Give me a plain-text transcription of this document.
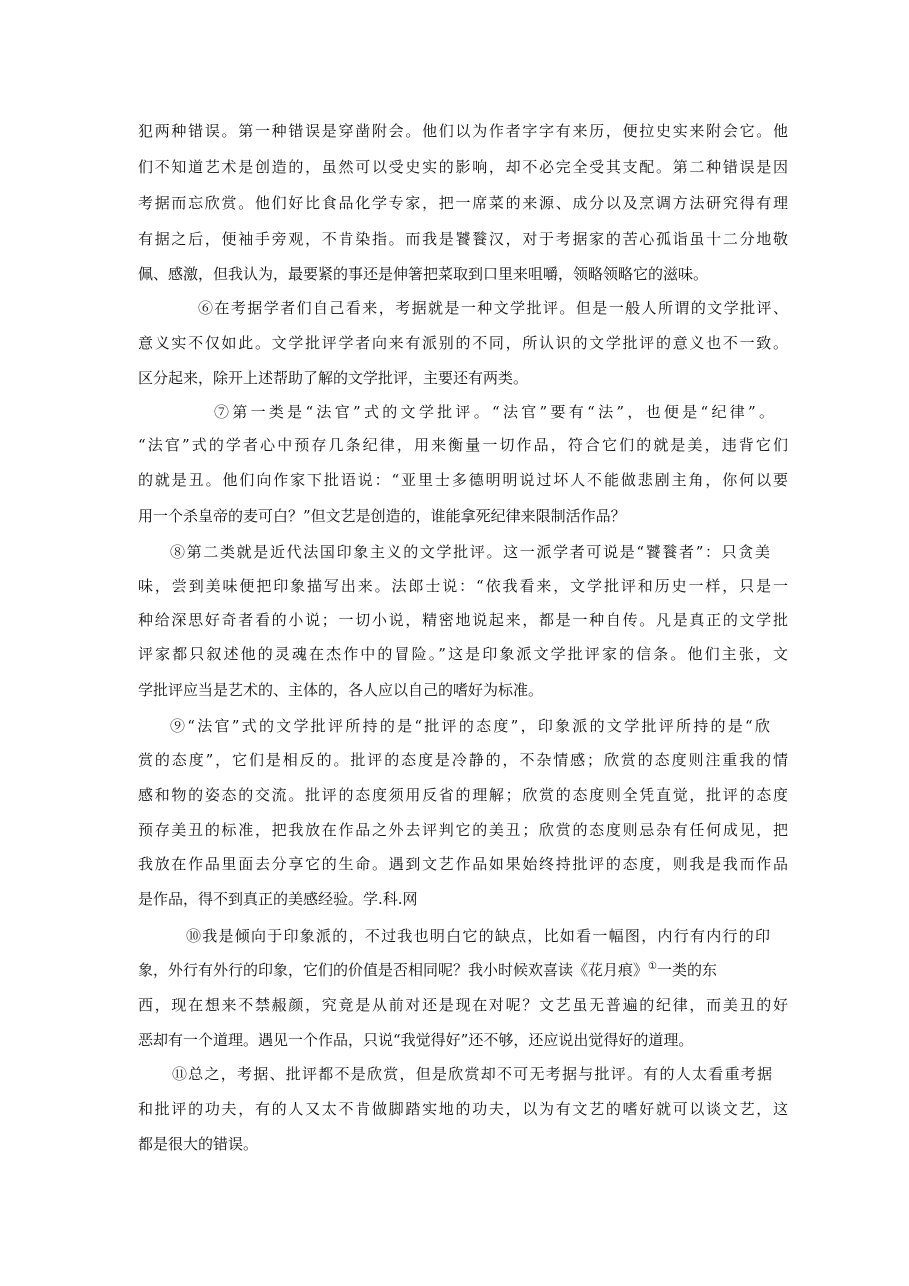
犯两种错误。第一种错误是穿凿附会。他们以为作者字字有来历，便拉史实来附会它。他
们不知道艺术是创造的，虽然可以受史实的影响，却不必完全受其支配。第二种错误是因
考据而忘欣赏。他们好比食品化学专家，把一席菜的来源、成分以及烹调方法研究得有理
有据之后，便袖手旁观，不肯染指。而我是饕餮汉，对于考据家的苦心孤诣虽十二分地敬
佩、感激，但我认为，最要紧的事还是伸箸把菜取到口里来咀嚼，领略领略它的滋味。
⑥在考据学者们自己看来，考据就是一种文学批评。但是一般人所谓的文学批评、
意义实不仅如此。文学批评学者向来有派别的不同，所认识的文学批评的意义也不一致。
区分起来，除开上述帮助了解的文学批评，主要还有两类。
⑦第一类是“法官”式的文学批评。“法官”要有“法”，也便是“纪律”。
“法官”式的学者心中预存几条纪律，用来衡量一切作品，符合它们的就是美，违背它们
的就是丑。他们向作家下批语说：“亚里士多德明明说过坏人不能做悲剧主角，你何以要
用一个杀皇帝的麦可白？”但文艺是创造的，谁能拿死纪律来限制活作品？
⑧第二类就是近代法国印象主义的文学批评。这一派学者可说是“饕餮者”：只贪美
味，尝到美味便把印象描写出来。法郎士说：“依我看来，文学批评和历史一样，只是一
种给深思好奇者看的小说；一切小说，精密地说起来，都是一种自传。凡是真正的文学批
评家都只叙述他的灵魂在杰作中的冒险。”这是印象派文学批评家的信条。他们主张，文
学批评应当是艺术的、主体的，各人应以自己的嗜好为标准。
⑨“法官”式的文学批评所持的是“批评的态度”，印象派的文学批评所持的是“欣
赏的态度”，它们是相反的。批评的态度是冷静的，不杂情感；欣赏的态度则注重我的情
感和物的姿态的交流。批评的态度须用反省的理解；欣赏的态度则全凭直觉，批评的态度
预存美丑的标准，把我放在作品之外去评判它的美丑；欣赏的态度则忌杂有任何成见，把
我放在作品里面去分享它的生命。遇到文艺作品如果始终持批评的态度，则我是我而作品
是作品，得不到真正的美感经验。学.科.网
⑩我是倾向于印象派的，不过我也明白它的缺点，比如看一幅图，内行有内行的印
象，外行有外行的印象，它们的价值是否相同呢？我小时候欢喜读《花月痕》①一类的东
西，现在想来不禁赧颜，究竟是从前对还是现在对呢？文艺虽无普遍的纪律，而美丑的好
恶却有一个道理。遇见一个作品，只说“我觉得好”还不够，还应说出觉得好的道理。
⑪总之，考据、批评都不是欣赏，但是欣赏却不可无考据与批评。有的人太看重考据
和批评的功夫，有的人又太不肯做脚踏实地的功夫，以为有文艺的嗜好就可以谈文艺，这
都是很大的错误。
